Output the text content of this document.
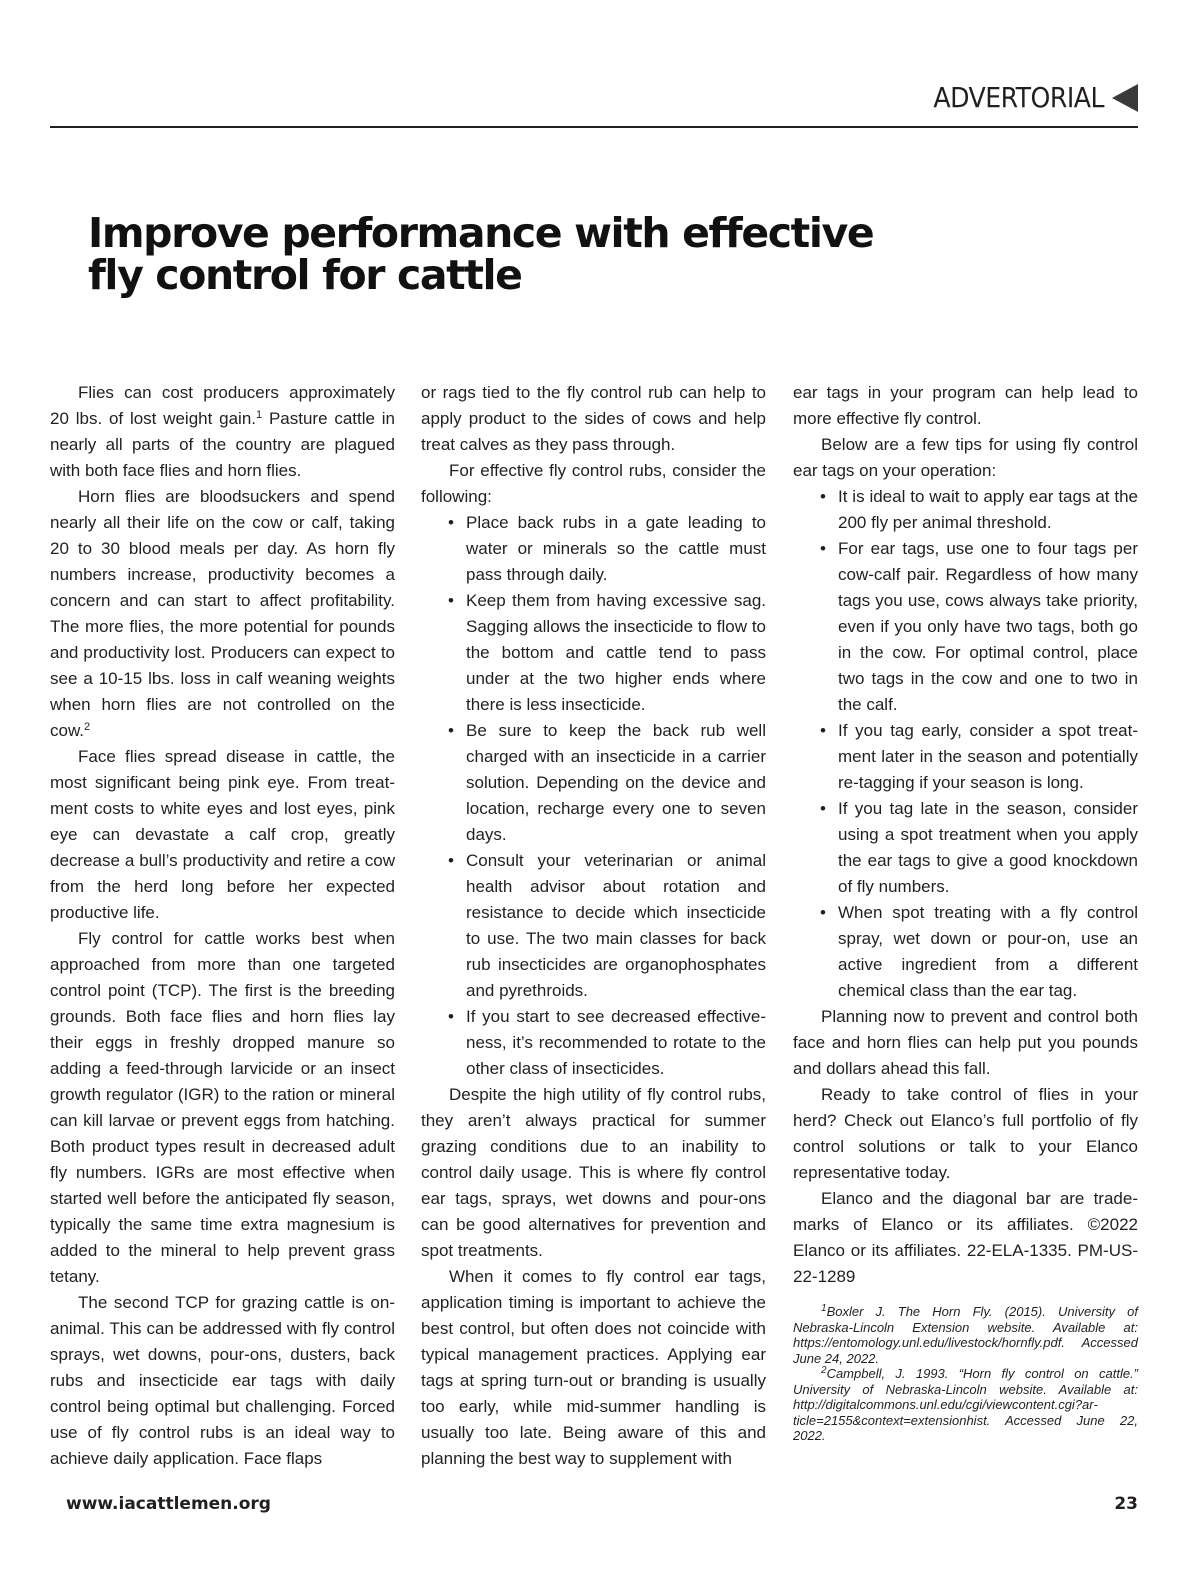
ADVERTORIAL
Improve performance with effective fly control for cattle

Flies can cost producers approximately 20 lbs. of lost weight gain.$^1$ Pasture cattle in nearly all parts of the country are plagued with both face flies and horn flies.

Horn flies are bloodsuckers and spend nearly all their life on the cow or calf, taking 20 to 30 blood meals per day. As horn fly numbers increase, productivity becomes a concern and can start to affect profitability. The more flies, the more potential for pounds and productivity lost. Producers can expect to see a 10-15 lbs. loss in calf weaning weights when horn flies are not controlled on the cow.$^2$

Face flies spread disease in cattle, the most significant being pink eye. From treatment costs to white eyes and lost eyes, pink eye can devastate a calf crop, greatly decrease a bull’s productivity and retire a cow from the herd long before her expected productive life.

Fly control for cattle works best when approached from more than one targeted control point (TCP). The first is the breeding grounds. Both face flies and horn flies lay their eggs in freshly dropped manure so adding a feed-through larvicide or an insect growth regulator (IGR) to the ration or mineral can kill larvae or prevent eggs from hatching. Both product types result in decreased adult fly numbers. IGRs are most effective when started well before the anticipated fly season, typically the same time extra magnesium is added to the mineral to help prevent grass tetany.

The second TCP for grazing cattle is on-animal. This can be addressed with fly control sprays, wet downs, pour-ons, dusters, back rubs and insecticide ear tags with daily control being optimal but challenging. Forced use of fly control rubs is an ideal way to achieve daily application. Face flaps

or rags tied to the fly control rub can help to apply product to the sides of cows and help treat calves as they pass through.

For effective fly control rubs, consider the following:

• Place back rubs in a gate leading to water or minerals so the cattle must pass through daily.
• Keep them from having excessive sag. Sagging allows the insecticide to flow to the bottom and cattle tend to pass under at the two higher ends where there is less insecticide.
• Be sure to keep the back rub well charged with an insecticide in a carrier solution. Depending on the device and location, recharge every one to seven days.
• Consult your veterinarian or animal health advisor about rotation and resistance to decide which insecticide to use. The two main classes for back rub insecticides are organophosphates and pyrethroids.
• If you start to see decreased effectiveness, it’s recommended to rotate to the other class of insecticides.

Despite the high utility of fly control rubs, they aren’t always practical for summer grazing conditions due to an inability to control daily usage. This is where fly control ear tags, sprays, wet downs and pour-ons can be good alternatives for prevention and spot treatments.

When it comes to fly control ear tags, application timing is important to achieve the best control, but often does not coincide with typical management practices. Applying ear tags at spring turn-out or branding is usually too early, while mid-summer handling is usually too late. Being aware of this and planning the best way to supplement with

ear tags in your program can help lead to more effective fly control.

Below are a few tips for using fly control ear tags on your operation:

• It is ideal to wait to apply ear tags at the 200 fly per animal threshold.
• For ear tags, use one to four tags per cow-calf pair. Regardless of how many tags you use, cows always take priority, even if you only have two tags, both go in the cow. For optimal control, place two tags in the cow and one to two in the calf.
• If you tag early, consider a spot treatment later in the season and potentially re-tagging if your season is long.
• If you tag late in the season, consider using a spot treatment when you apply the ear tags to give a good knockdown of fly numbers.
• When spot treating with a fly control spray, wet down or pour-on, use an active ingredient from a different chemical class than the ear tag.

Planning now to prevent and control both face and horn flies can help put you pounds and dollars ahead this fall.

Ready to take control of flies in your herd? Check out Elanco’s full portfolio of fly control solutions or talk to your Elanco representative today.

Elanco and the diagonal bar are trademarks of Elanco or its affiliates. ©2022 Elanco or its affiliates. 22-ELA-1335. PM-US-22-1289

$^1$Boxler J. The Horn Fly. (2015). University of Nebraska-Lincoln Extension website. Available at: https://entomology.unl.edu/livestock/hornfly.pdf. Accessed June 24, 2022.

$^2$Campbell, J. 1993. “Horn fly control on cattle.” University of Nebraska-Lincoln website. Available at: http://digitalcommons.unl.edu/cgi/viewcontent.cgi?article=2155&context=extensionhist. Accessed June 22, 2022.

www.iacattlemen.org	23
